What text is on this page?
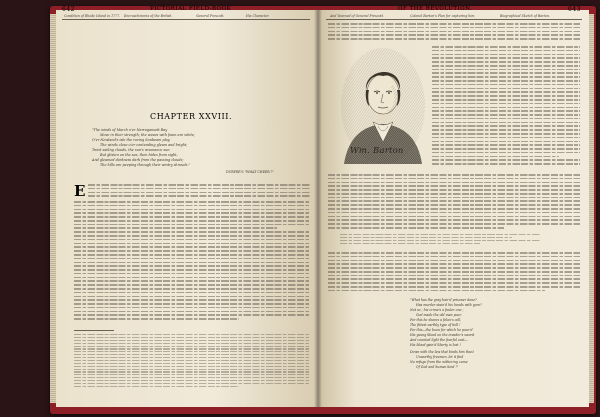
642	PICTORIAL FIELD-BOOK
Condition of Rhode Island in 1777. Encroachments of the British.	General Prescott.	His Character.
CHAPTER XXVIII.
"The winds of March o'er Narragansett Bay
Move in their strength; the waves with foam are white;
O'er Newland's isle the roving Sunbeam play,
The winds close o'er contending gleam and bright;
Twixt sailing clouds, the sun's resonance sun
But glisten on the sea, then hides from sight,
And gleamed darkness dark from the passing clouds;
The hills are peeping through their wintry shrouds."
DURFEE'S "WHAT CHEER ?"
E
OF THE REVOLUTION.	643
And Yearned of General Prescott.	Colonel Barton's Plan for capturing him.	Biographical Sketch of Barton.
Wm. Barton
"What has the gray-hair'd prisoner done?
Has murder stain'd his hands with gore?
Not so ; his crime's a fouler one ;
God made the old man poor.
For this he shares a felon's cell,
The fittest earthly type of hell !
For this—the boon for which he pour'd
His young blood on the invader's sword,
And counted light the fearful cost—
His blood-gain'd liberty is lost !
Down with the law that binds him thus!
Unworthy freemen, let it find
No refuge from the withering curse
Of God and human kind !"
